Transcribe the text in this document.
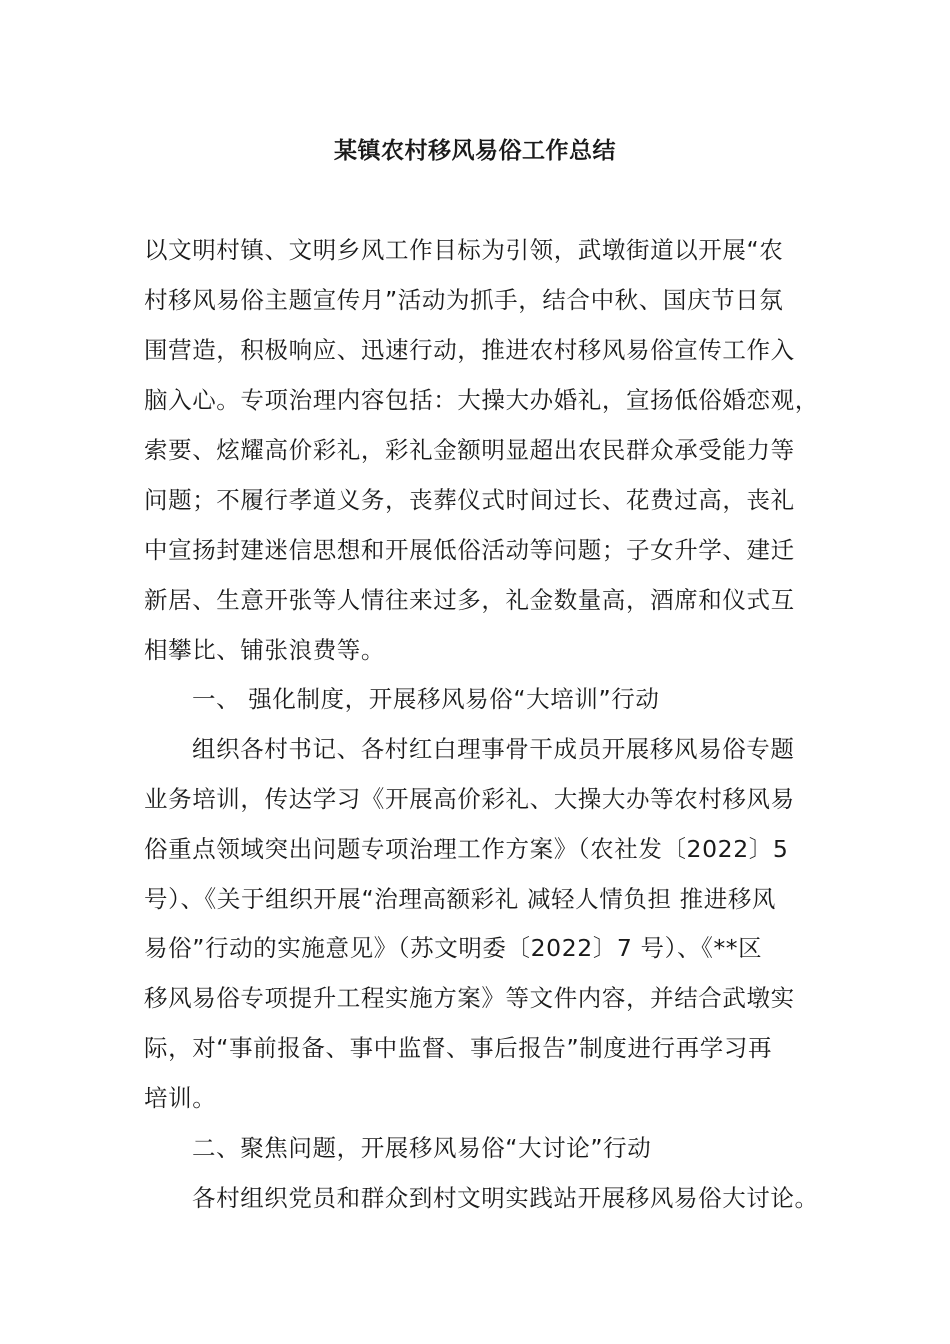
某镇农村移风易俗工作总结
以文明村镇、文明乡风工作目标为引领，武墩街道以开展“农
村移风易俗主题宣传月”活动为抓手，结合中秋、国庆节日氛
围营造，积极响应、迅速行动，推进农村移风易俗宣传工作入
脑入心。专项治理内容包括：大操大办婚礼，宣扬低俗婚恋观，
索要、炫耀高价彩礼，彩礼金额明显超出农民群众承受能力等
问题；不履行孝道义务，丧葬仪式时间过长、花费过高，丧礼
中宣扬封建迷信思想和开展低俗活动等问题；子女升学、建迁
新居、生意开张等人情往来过多，礼金数量高，酒席和仪式互
相攀比、铺张浪费等。
一、 强化制度，开展移风易俗“大培训”行动
组织各村书记、各村红白理事骨干成员开展移风易俗专题
业务培训，传达学习《开展高价彩礼、大操大办等农村移风易
俗重点领域突出问题专项治理工作方案》（农社发〔2022〕5
号）、《关于组织开展“治理高额彩礼 减轻人情负担 推进移风
易俗”行动的实施意见》（苏文明委〔2022〕7 号）、《**区
移风易俗专项提升工程实施方案》等文件内容，并结合武墩实
际，对“事前报备、事中监督、事后报告”制度进行再学习再
培训。
二、聚焦问题，开展移风易俗“大讨论”行动
各村组织党员和群众到村文明实践站开展移风易俗大讨论。
